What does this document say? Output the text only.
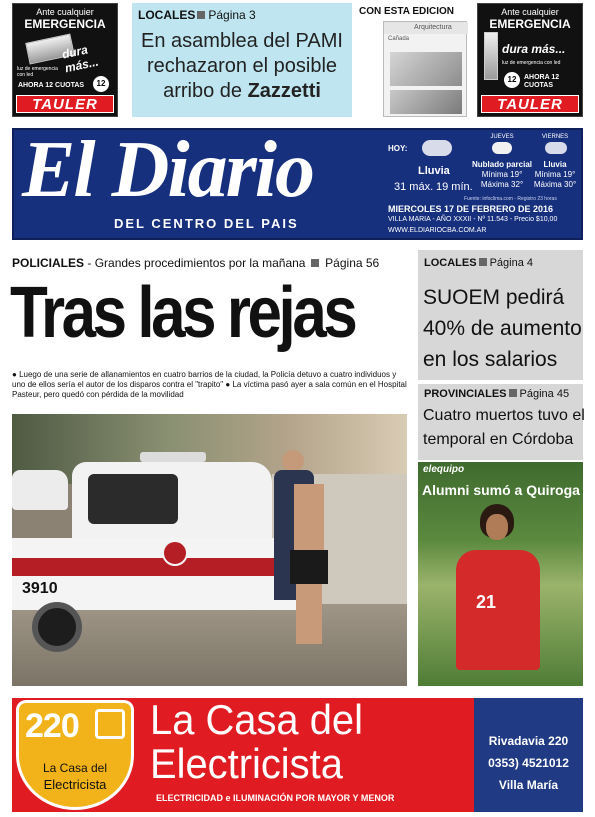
Ante cualquier
EMERGENCIA
dura más...
luz de emergencia con led
AHORA 12 CUOTAS	12
TAULER
LOCALES Página 3
En asamblea del PAMI
rechazaron el posible
arribo de Zazzetti
CON ESTA EDICION
Arquitectura
Cañada
Ante cualquier
EMERGENCIA
dura más...
luz de emergencia con led
12	AHORA 12 CUOTAS
TAULER
El Diario
DEL CENTRO DEL PAIS
HOY:
Lluvia
31 máx. 19 mín.
JUEVES
Nublado parcial
Mínima 19°
Máxima 32°
VIERNES
Lluvia
Mínima 19°
Máxima 30°
Fuente: infoclima.com - Registro 23 horas
MIERCOLES 17 DE FEBRERO DE 2016
VILLA MARIA - AÑO XXXII - Nº 11.543 - Precio $10,00
WWW.ELDIARIOCBA.COM.AR
POLICIALES - Grandes procedimientos por la mañana Página 56
Tras las rejas
● Luego de una serie de allanamientos en cuatro barrios de la ciudad, la Policía detuvo a cuatro individuos y uno de ellos sería el autor de los disparos contra el "trapito" ● La víctima pasó ayer a sala común en el Hospital Pasteur, pero quedó con pérdida de la movilidad
3910
LOCALES Página 4
SUOEM pedirá
40% de aumento
en los salarios
PROVINCIALES Página 45
Cuatro muertos tuvo el
temporal en Córdoba
elequipo
Alumni sumó a Quiroga
21
220
La Casa del
Electricista
La Casa del
Electricista
ELECTRICIDAD e ILUMINACIÓN POR MAYOR Y MENOR
Rivadavia 220
0353) 4521012
Villa María
